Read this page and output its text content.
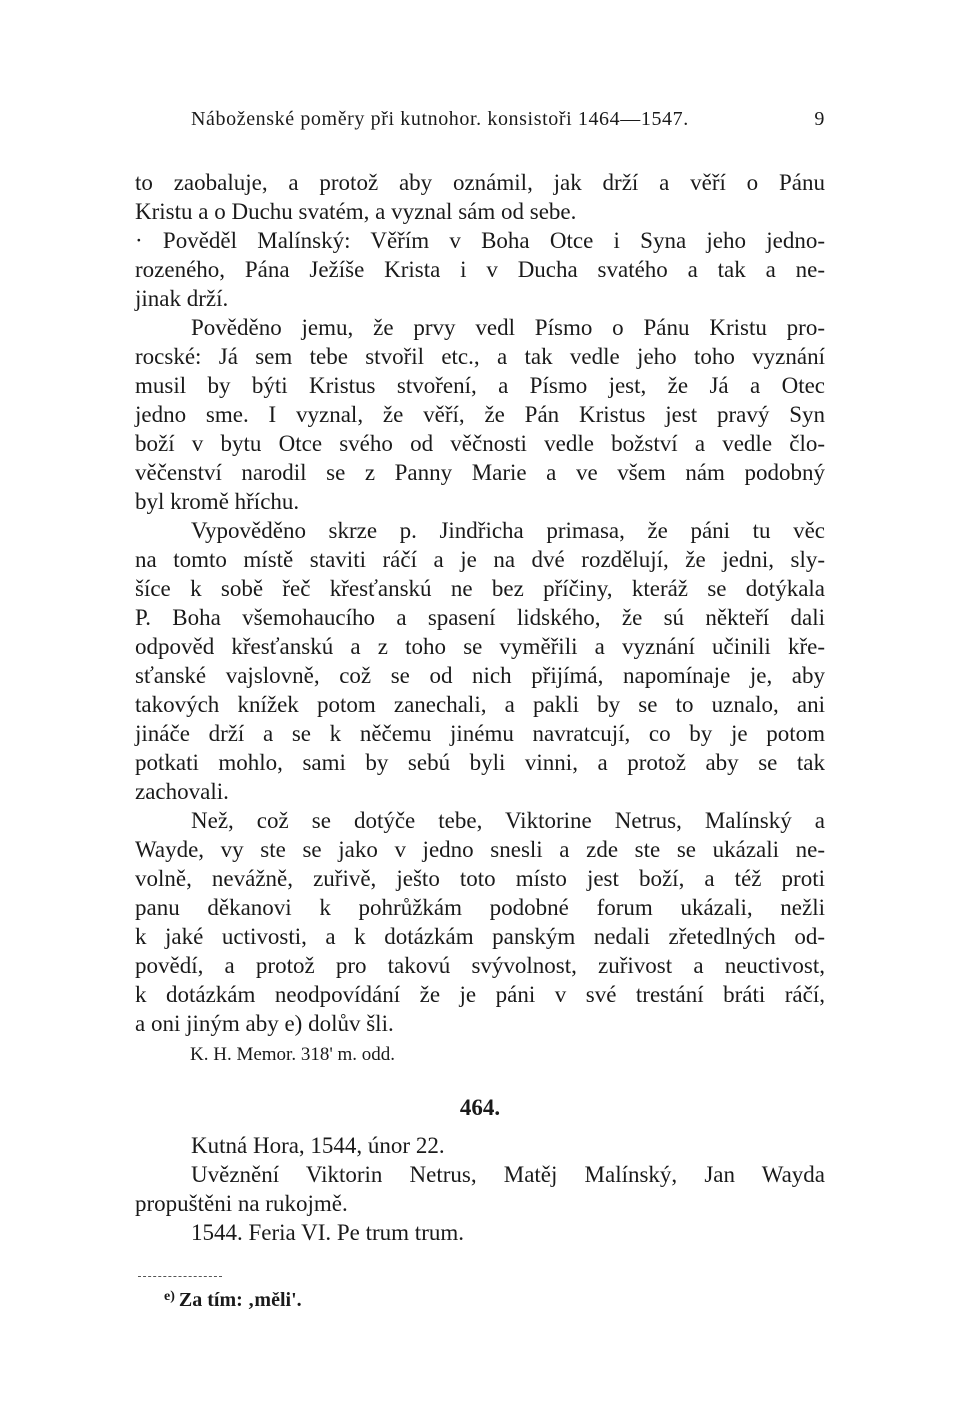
Náboženské poměry při kutnohor. konsistoři 1464—1547.	9
to zaobaluje, a protož aby oznámil, jak drží a věří o Pánu
Kristu a o Duchu svatém, a vyznal sám od sebe.
· Pověděl Malínský: Věřím v Boha Otce i Syna jeho jedno-
rozeného, Pána Ježíše Krista i v Ducha svatého a tak a ne-
jinak drží.
Pověděno jemu, že prvy vedl Písmo o Pánu Kristu pro-
rocské: Já sem tebe stvořil etc., a tak vedle jeho toho vyznání
musil by býti Kristus stvoření, a Písmo jest, že Já a Otec
jedno sme. I vyznal, že věří, že Pán Kristus jest pravý Syn
boží v bytu Otce svého od věčnosti vedle božství a vedle člo-
věčenství narodil se z Panny Marie a ve všem nám podobný
byl kromě hříchu.
Vypověděno skrze p. Jindřicha primasa, že páni tu věc
na tomto místě staviti ráčí a je na dvé rozdělují, že jedni, sly-
šíce k sobě řeč křesťanskú ne bez příčiny, kteráž se dotýkala
P. Boha všemohaucího a spasení lidského, že sú někteří dali
odpověd křesťanskú a z toho se vyměřili a vyznání učinili kře-
sťanské vajslovně, což se od nich přijímá, napomínaje je, aby
takových knížek potom zanechali, a pakli by se to uznalo, ani
jináče drží a se k něčemu jinému navratcují, co by je potom
potkati mohlo, sami by sebú byli vinni, a protož aby se tak
zachovali.
Než, což se dotýče tebe, Viktorine Netrus, Malínský a
Wayde, vy ste se jako v jedno snesli a zde ste se ukázali ne-
volně, nevážně, zuřivě, ješto toto místo jest boží, a též proti
panu děkanovi k pohrůžkám podobné forum ukázali, nežli
k jaké uctivosti, a k dotázkám panským nedali zřetedlných od-
povědí, a protož pro takovú svývolnost, zuřivost a neuctivost,
k dotázkám neodpovídání že je páni v své trestání bráti ráčí,
a oni jiným aby e) dolův šli.
K. H. Memor. 318' m. odd.
464.
Kutná Hora, 1544, únor 22.
Uvěznění Viktorin Netrus, Matěj Malínský, Jan Wayda
propuštěni na rukojmě.
1544. Feria VI. Pe trum trum.
$^{e)}$ Za tím: ‚měli'.
